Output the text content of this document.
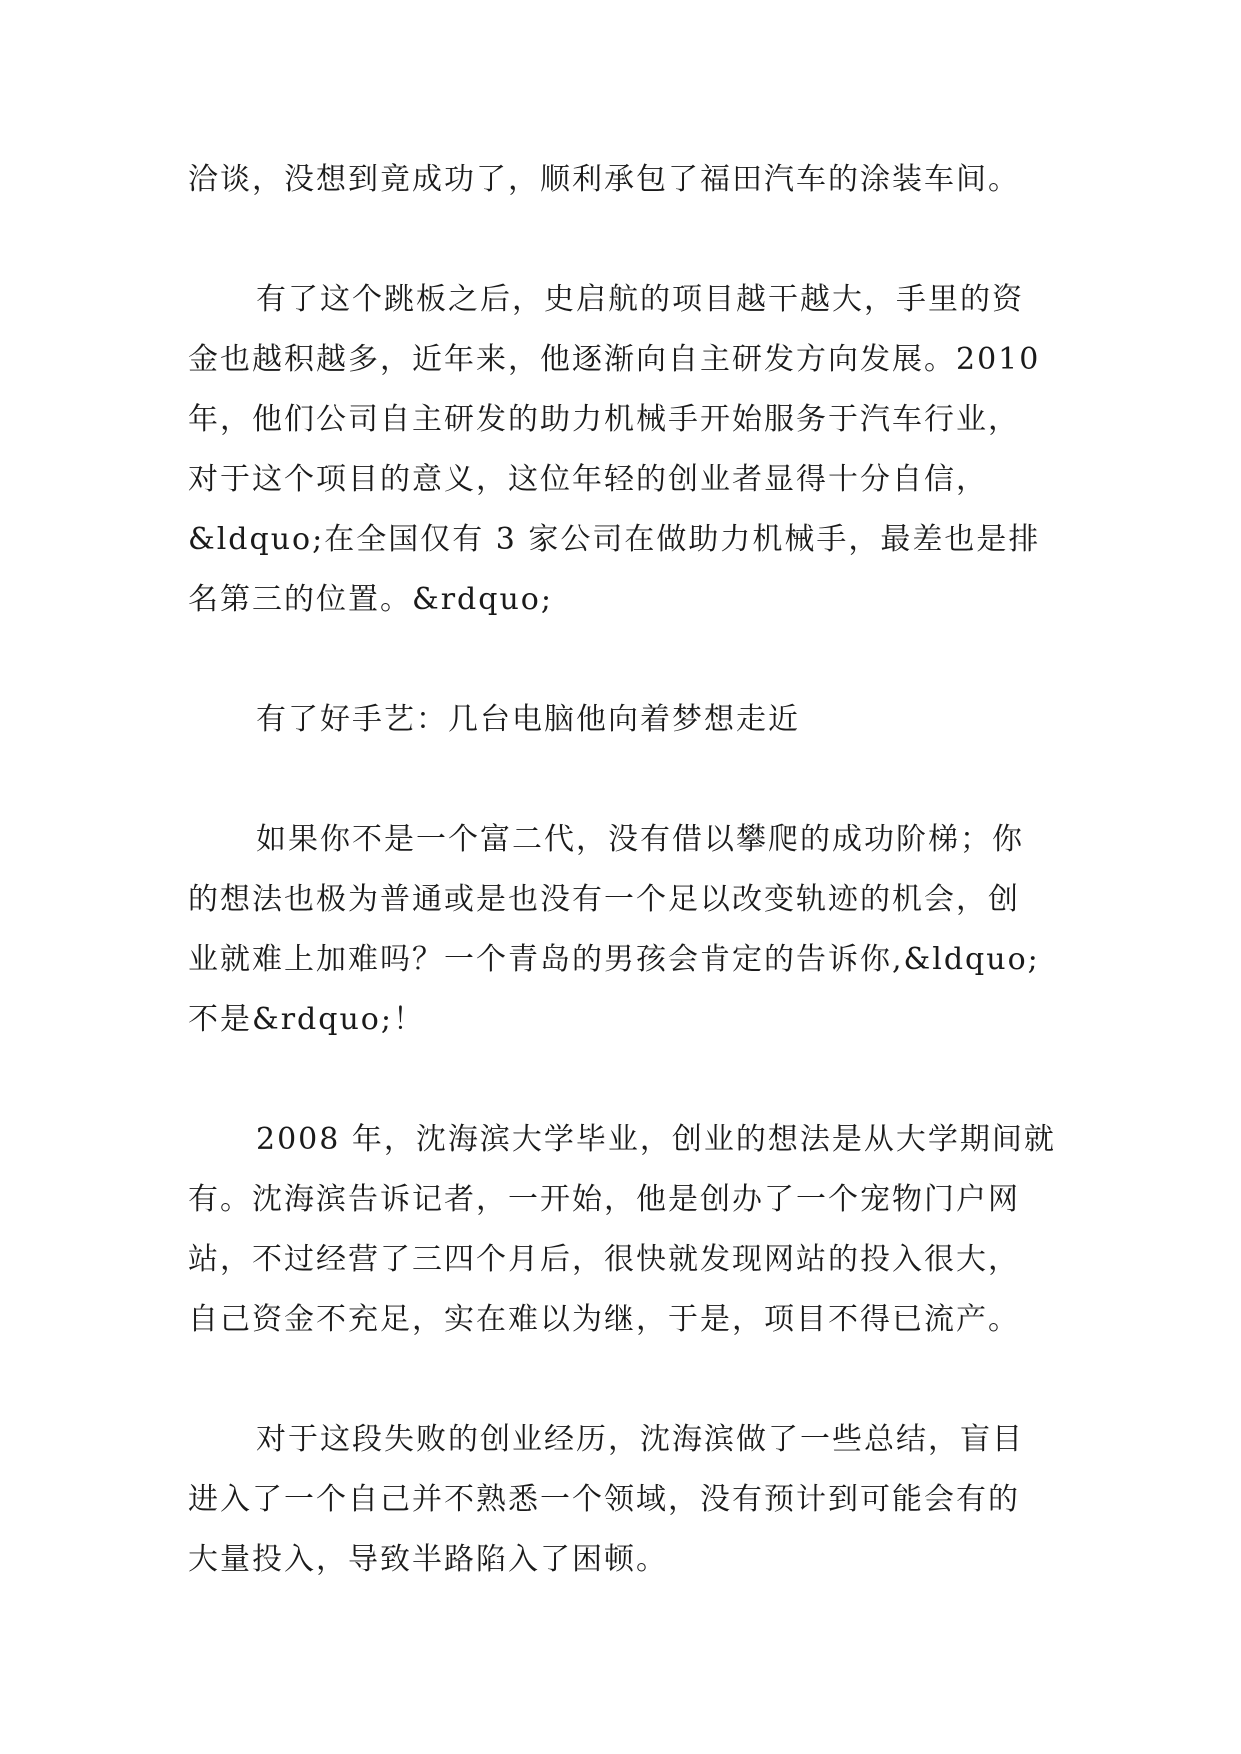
洽谈，没想到竟成功了，顺利承包了福田汽车的涂装车间。
有了这个跳板之后，史启航的项目越干越大，手里的资
金也越积越多，近年来，他逐渐向自主研发方向发展。2010
年，他们公司自主研发的助力机械手开始服务于汽车行业，
对于这个项目的意义，这位年轻的创业者显得十分自信，
&ldquo;在全国仅有 3 家公司在做助力机械手，最差也是排
名第三的位置。&rdquo;
有了好手艺：几台电脑他向着梦想走近
如果你不是一个富二代，没有借以攀爬的成功阶梯；你
的想法也极为普通或是也没有一个足以改变轨迹的机会，创
业就难上加难吗？一个青岛的男孩会肯定的告诉你,&ldquo;
不是&rdquo;！
2008 年，沈海滨大学毕业，创业的想法是从大学期间就
有。沈海滨告诉记者，一开始，他是创办了一个宠物门户网
站，不过经营了三四个月后，很快就发现网站的投入很大，
自己资金不充足，实在难以为继，于是，项目不得已流产。
对于这段失败的创业经历，沈海滨做了一些总结，盲目
进入了一个自己并不熟悉一个领域，没有预计到可能会有的
大量投入，导致半路陷入了困顿。
